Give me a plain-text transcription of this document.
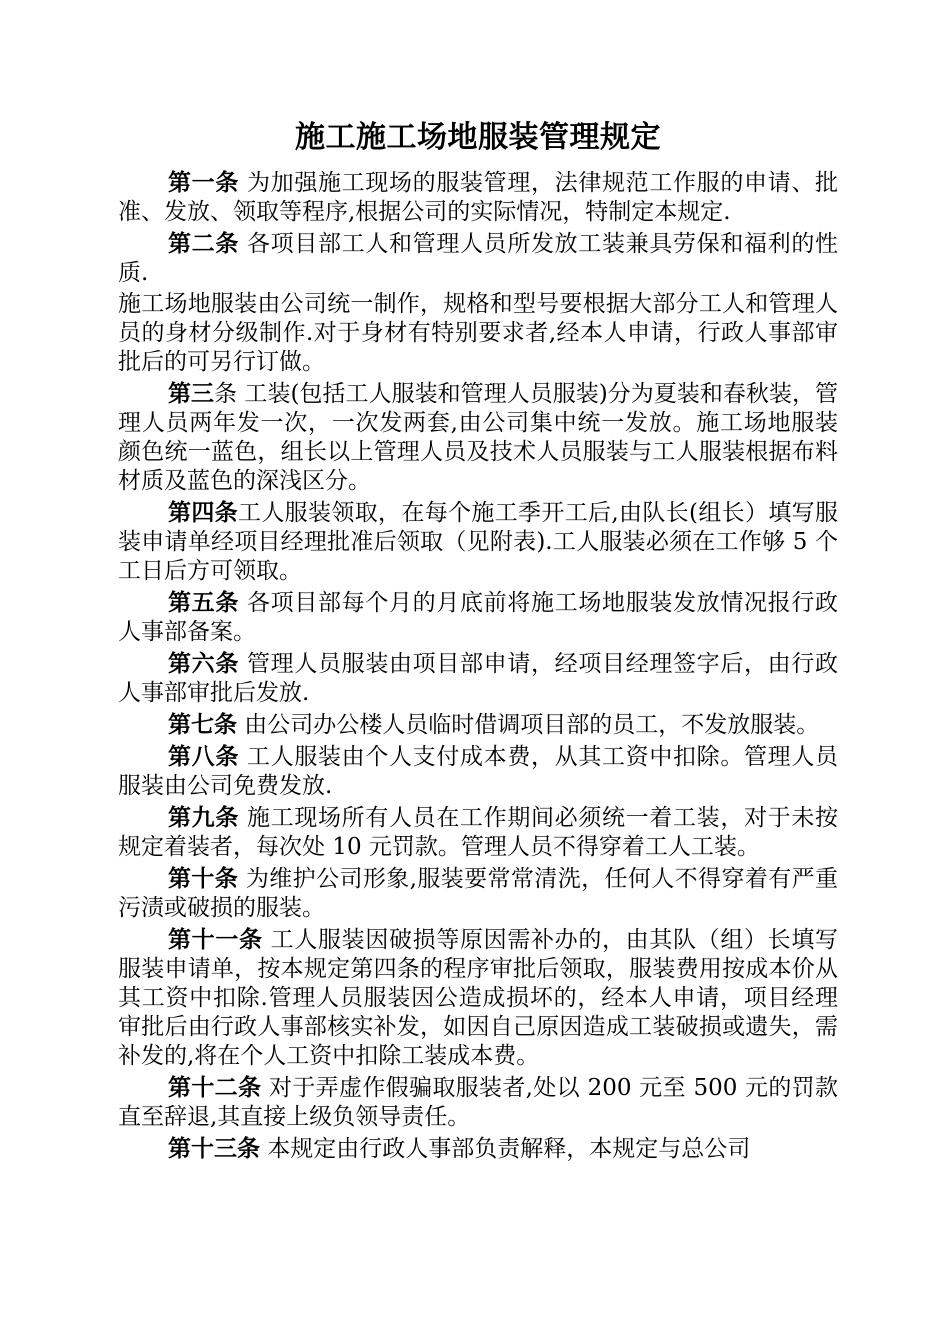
施工施工场地服装管理规定

第一条 为加强施工现场的服装管理，法律规范工作服的申请、批准、发放、领取等程序,根据公司的实际情况，特制定本规定.

第二条 各项目部工人和管理人员所发放工装兼具劳保和福利的性质.

施工场地服装由公司统一制作，规格和型号要根据大部分工人和管理人员的身材分级制作.对于身材有特别要求者,经本人申请，行政人事部审批后的可另行订做。

第三条 工装(包括工人服装和管理人员服装)分为夏装和春秋装，管理人员两年发一次，一次发两套,由公司集中统一发放。施工场地服装颜色统一蓝色，组长以上管理人员及技术人员服装与工人服装根据布料材质及蓝色的深浅区分。

第四条工人服装领取，在每个施工季开工后,由队长(组长）填写服装申请单经项目经理批准后领取（见附表).工人服装必须在工作够 5 个工日后方可领取。

第五条 各项目部每个月的月底前将施工场地服装发放情况报行政人事部备案。

第六条 管理人员服装由项目部申请，经项目经理签字后，由行政人事部审批后发放.

第七条 由公司办公楼人员临时借调项目部的员工，不发放服装。

第八条 工人服装由个人支付成本费，从其工资中扣除。管理人员服装由公司免费发放.

第九条 施工现场所有人员在工作期间必须统一着工装，对于未按规定着装者，每次处 10 元罚款。管理人员不得穿着工人工装。

第十条 为维护公司形象,服装要常常清洗，任何人不得穿着有严重污渍或破损的服装。

第十一条 工人服装因破损等原因需补办的，由其队（组）长填写服装申请单，按本规定第四条的程序审批后领取，服装费用按成本价从其工资中扣除.管理人员服装因公造成损坏的，经本人申请，项目经理审批后由行政人事部核实补发，如因自己原因造成工装破损或遗失，需补发的,将在个人工资中扣除工装成本费。

第十二条 对于弄虚作假骗取服装者,处以 200 元至 500 元的罚款直至辞退,其直接上级负领导责任。

第十三条 本规定由行政人事部负责解释，本规定与总公司
